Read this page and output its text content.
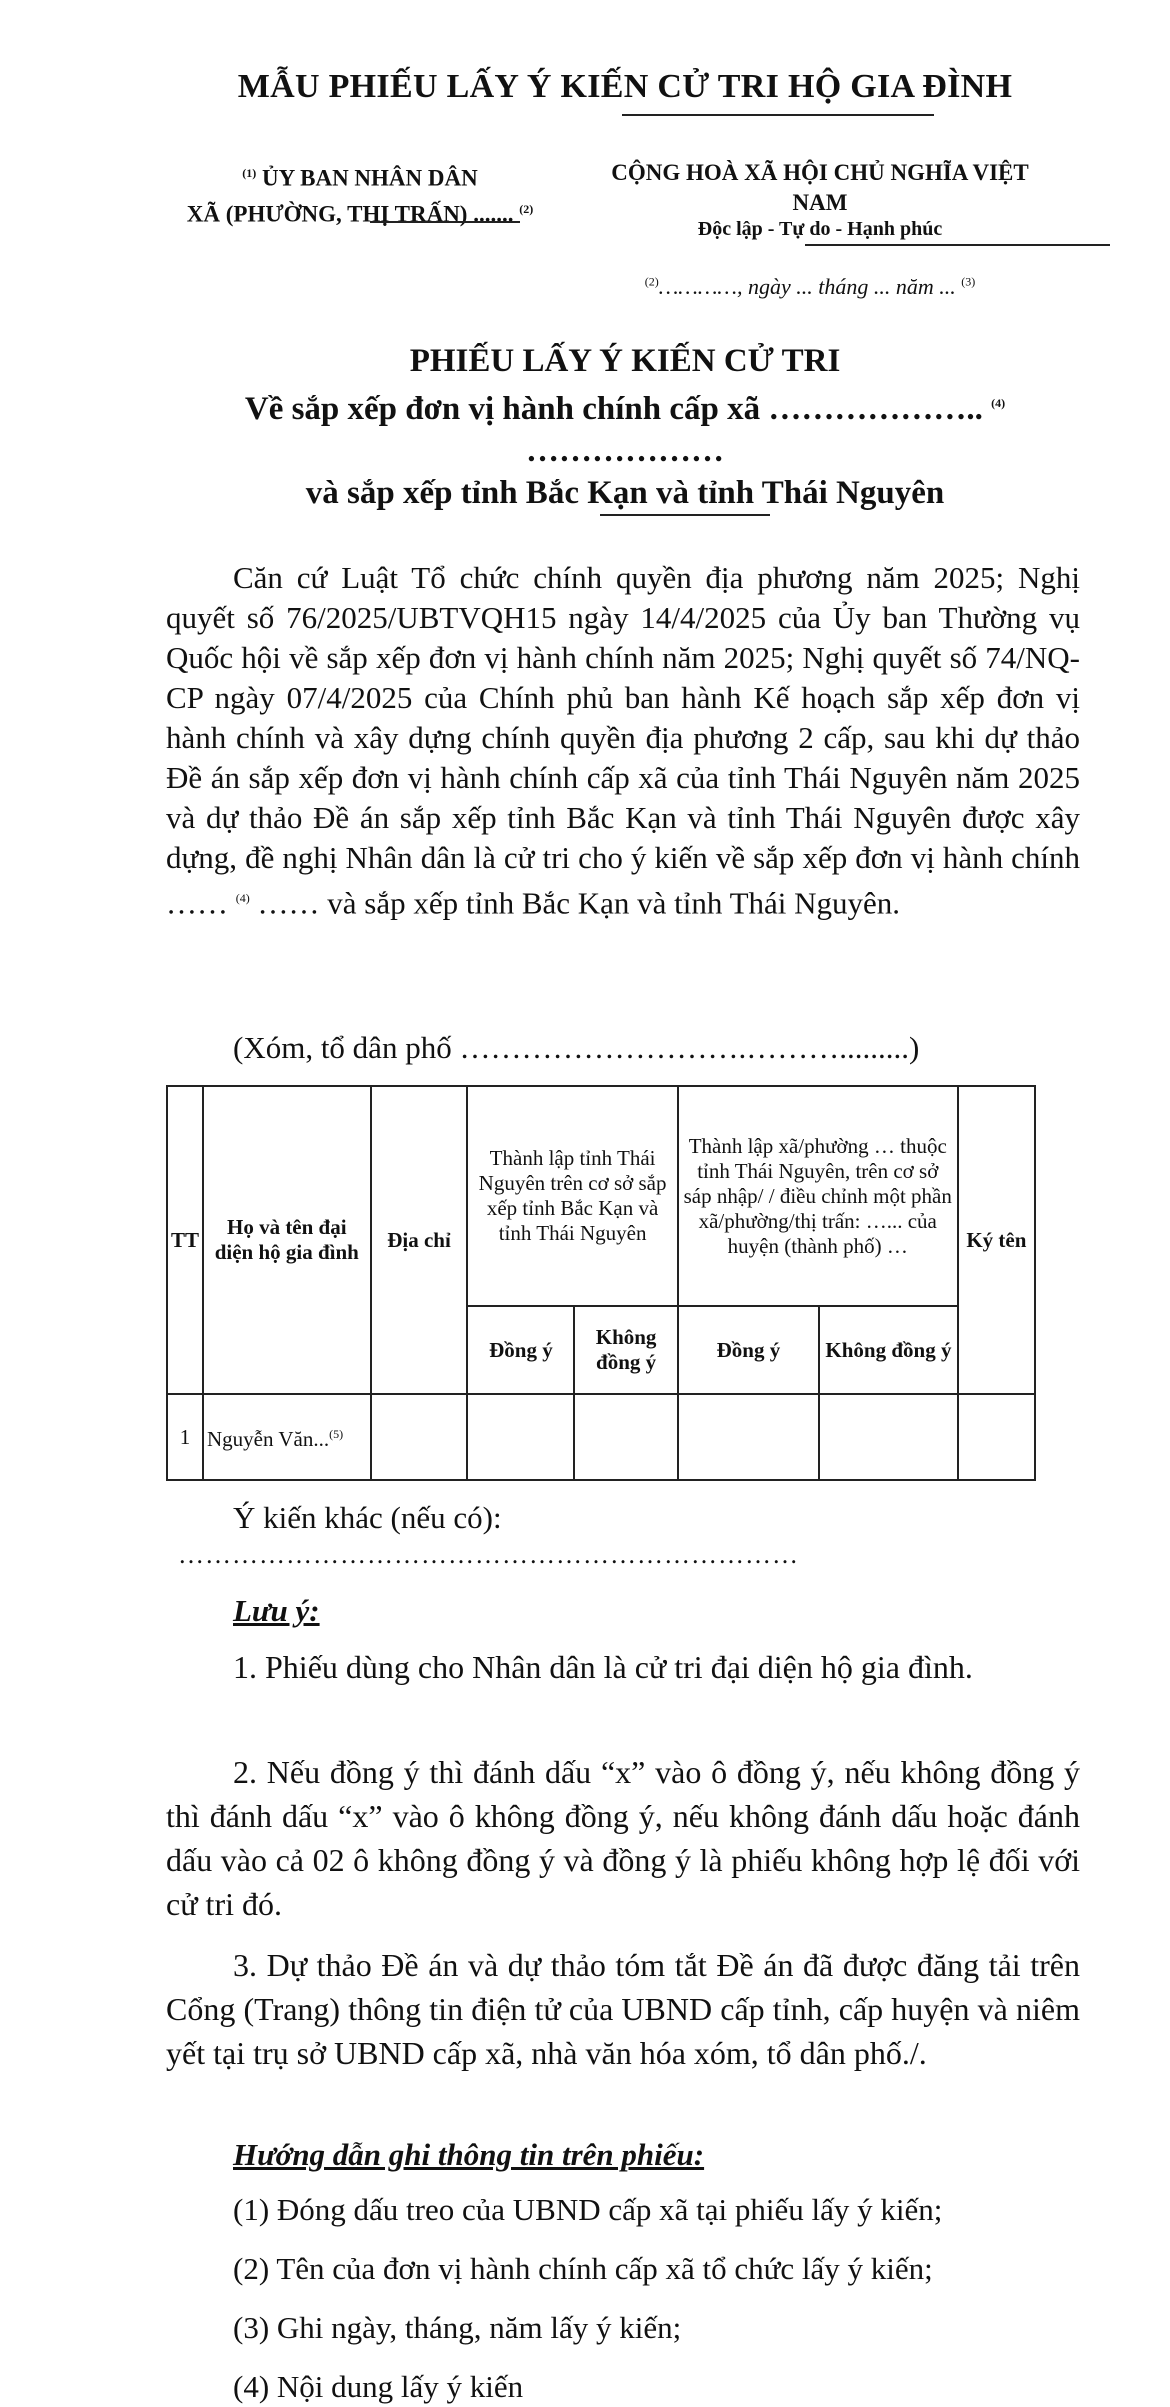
MẪU PHIẾU LẤY Ý KIẾN CỬ TRI HỘ GIA ĐÌNH
$^{(1)}$ ỦY BAN NHÂN DÂN
XÃ (PHƯỜNG, THỊ TRẤN) ....... $^{(2)}$
CỘNG HOÀ XÃ HỘI CHỦ NGHĨA VIỆT
NAM
Độc lập - Tự do - Hạnh phúc
$^{(2)}$…………, ngày ... tháng ... năm ... $^{(3)}$
PHIẾU LẤY Ý KIẾN CỬ TRI
Về sắp xếp đơn vị hành chính cấp xã ……………….. $^{(4)}$
………………
và sắp xếp tỉnh Bắc Kạn và tỉnh Thái Nguyên
Căn cứ Luật Tổ chức chính quyền địa phương năm 2025; Nghị quyết số 76/2025/UBTVQH15 ngày 14/4/2025 của Ủy ban Thường vụ Quốc hội về sắp xếp đơn vị hành chính năm 2025; Nghị quyết số 74/NQ-CP ngày 07/4/2025 của Chính phủ ban hành Kế hoạch sắp xếp đơn vị hành chính và xây dựng chính quyền địa phương 2 cấp, sau khi dự thảo Đề án sắp xếp đơn vị hành chính cấp xã của tỉnh Thái Nguyên năm 2025 và dự thảo Đề án sắp xếp tỉnh Bắc Kạn và tỉnh Thái Nguyên được xây dựng, đề nghị Nhân dân là cử tri cho ý kiến về sắp xếp đơn vị hành chính …… $^{(4)}$ …… và sắp xếp tỉnh Bắc Kạn và tỉnh Thái Nguyên.
(Xóm, tổ dân phố ……………………….……….........)
TT	Họ và tên đại diện hộ gia đình	Địa chỉ	Thành lập tỉnh Thái Nguyên trên cơ sở sắp xếp tỉnh Bắc Kạn và tỉnh Thái Nguyên		Thành lập xã/phường … thuộc tỉnh Thái Nguyên, trên cơ sở sáp nhập/ / điều chỉnh một phần xã/phường/thị trấn: …... của huyện (thành phố) …		Ký tên
			Đồng ý	Không đồng ý	Đồng ý	Không đồng ý	
1	Nguyễn Văn...$^{(5)}$						
Ý kiến khác (nếu có):
……………………………………………………………
Lưu ý:
1. Phiếu dùng cho Nhân dân là cử tri đại diện hộ gia đình.
2. Nếu đồng ý thì đánh dấu “x” vào ô đồng ý, nếu không đồng ý thì đánh dấu “x” vào ô không đồng ý, nếu không đánh dấu hoặc đánh dấu vào cả 02 ô không đồng ý và đồng ý là phiếu không hợp lệ đối với cử tri đó.
3. Dự thảo Đề án và dự thảo tóm tắt Đề án đã được đăng tải trên Cổng (Trang) thông tin điện tử của UBND cấp tỉnh, cấp huyện và niêm yết tại trụ sở UBND cấp xã, nhà văn hóa xóm, tổ dân phố./.
Hướng dẫn ghi thông tin trên phiếu:
(1) Đóng dấu treo của UBND cấp xã tại phiếu lấy ý kiến;
(2) Tên của đơn vị hành chính cấp xã tổ chức lấy ý kiến;
(3) Ghi ngày, tháng, năm lấy ý kiến;
(4) Nội dung lấy ý kiến
